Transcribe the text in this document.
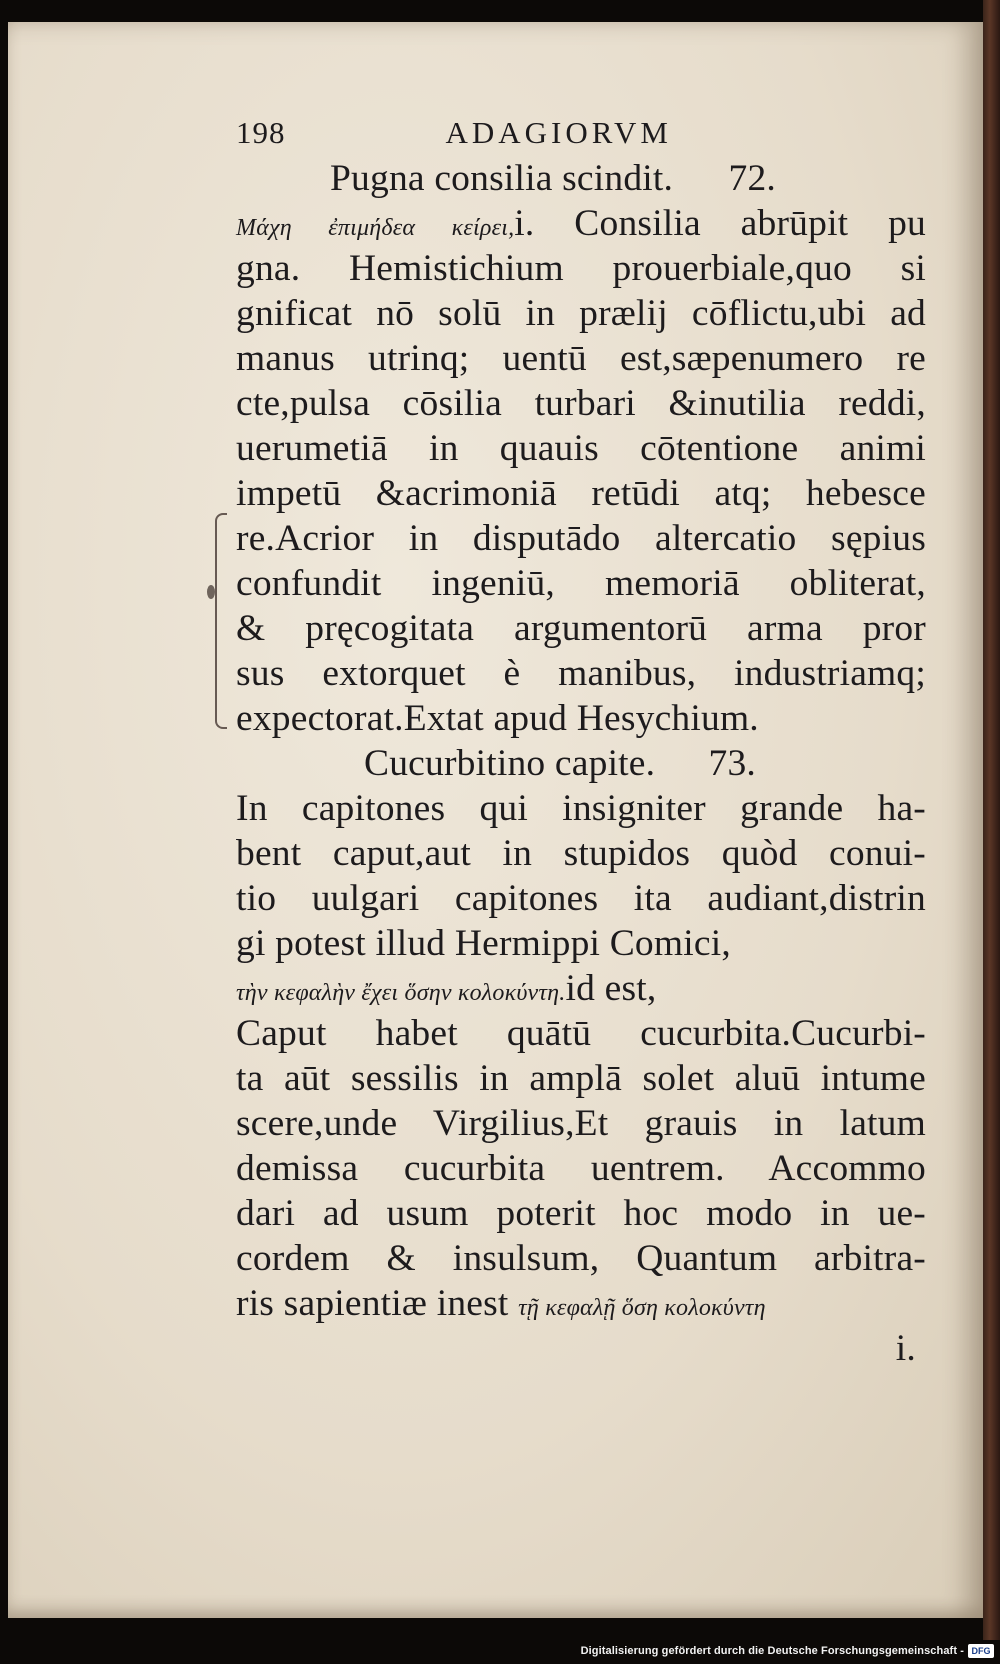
198	ADAGIORVM
Pugna consilia scindit. 72.
Μάχη ἐπιμήδεα κείρει,i. Consilia abrūpit pu
gna. Hemistichium prouerbiale,quo si
gnificat nō solū in prælij cōflictu,ubi ad
manus utrinq; uentū est,sæpenumero re
cte,pulsa cōsilia turbari &inutilia reddi,
uerumetiā in quauis cōtentione animi
impetū &acrimoniā retūdi atq; hebesce
re.Acrior in disputādo altercatio sępius
confundit ingeniū, memoriā obliterat,
& pręcogitata argumentorū arma pror
sus extorquet è manibus, industriamq;
expectorat.Extat apud Hesychium.
Cucurbitino capite. 73.
In capitones qui insigniter grande ha-
bent caput,aut in stupidos quòd conui-
tio uulgari capitones ita audiant,distrin
gi potest illud Hermippi Comici,
τὴν κεφαλὴν ἔχει ὅσην κολοκύντη.id est,
Caput habet quātū cucurbita.Cucurbi-
ta aūt sessilis in amplā solet aluū intume
scere,unde Virgilius,Et grauis in latum
demissa cucurbita uentrem. Accommo
dari ad usum poterit hoc modo in ue-
cordem & insulsum, Quantum arbitra-
ris sapientiæ inest τῇ κεφαλῇ ὅση κολοκύντη
i.
Digitalisierung gefördert durch die Deutsche Forschungsgemeinschaft - DFG
